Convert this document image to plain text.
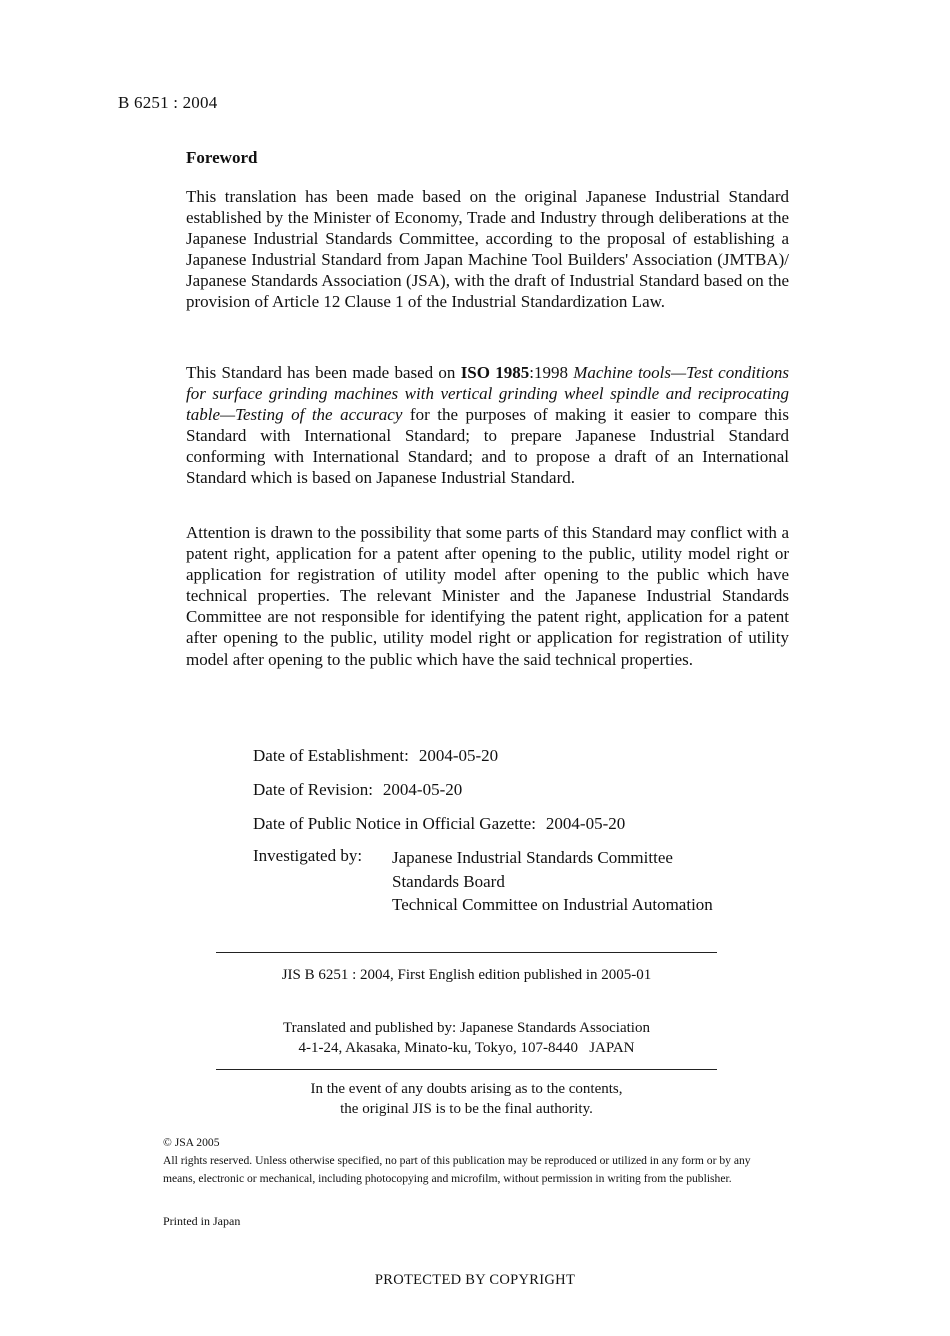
B 6251 : 2004
Foreword

This translation has been made based on the original Japanese Industrial Standard established by the Minister of Economy, Trade and Industry through deliberations at the Japanese Industrial Standards Committee, according to the proposal of establishing a Japanese Industrial Standard from Japan Machine Tool Builders' Association (JMTBA)/ Japanese Standards Association (JSA), with the draft of Industrial Standard based on the provision of Article 12 Clause 1 of the Industrial Standardization Law.

This Standard has been made based on ISO 1985:1998 Machine tools—Test conditions for surface grinding machines with vertical grinding wheel spindle and reciprocating table—Testing of the accuracy for the purposes of making it easier to compare this Standard with International Standard; to prepare Japanese Industrial Standard conforming with International Standard; and to propose a draft of an International Standard which is based on Japanese Industrial Standard.

Attention is drawn to the possibility that some parts of this Standard may conflict with a patent right, application for a patent after opening to the public, utility model right or application for registration of utility model after opening to the public which have technical properties. The relevant Minister and the Japanese Industrial Standards Committee are not responsible for identifying the patent right, application for a patent after opening to the public, utility model right or application for registration of utility model after opening to the public which have the said technical properties.

Date of Establishment: 2004-05-20
Date of Revision: 2004-05-20
Date of Public Notice in Official Gazette: 2004-05-20
Investigated by: Japanese Industrial Standards Committee
Standards Board
Technical Committee on Industrial Automation
JIS B 6251 : 2004, First English edition published in 2005-01
Translated and published by: Japanese Standards Association
4-1-24, Akasaka, Minato-ku, Tokyo, 107-8440   JAPAN
In the event of any doubts arising as to the contents,
the original JIS is to be the final authority.
© JSA 2005
All rights reserved. Unless otherwise specified, no part of this publication may be reproduced or utilized in any form or by any means, electronic or mechanical, including photocopying and microfilm, without permission in writing from the publisher.
Printed in Japan
PROTECTED BY COPYRIGHT
